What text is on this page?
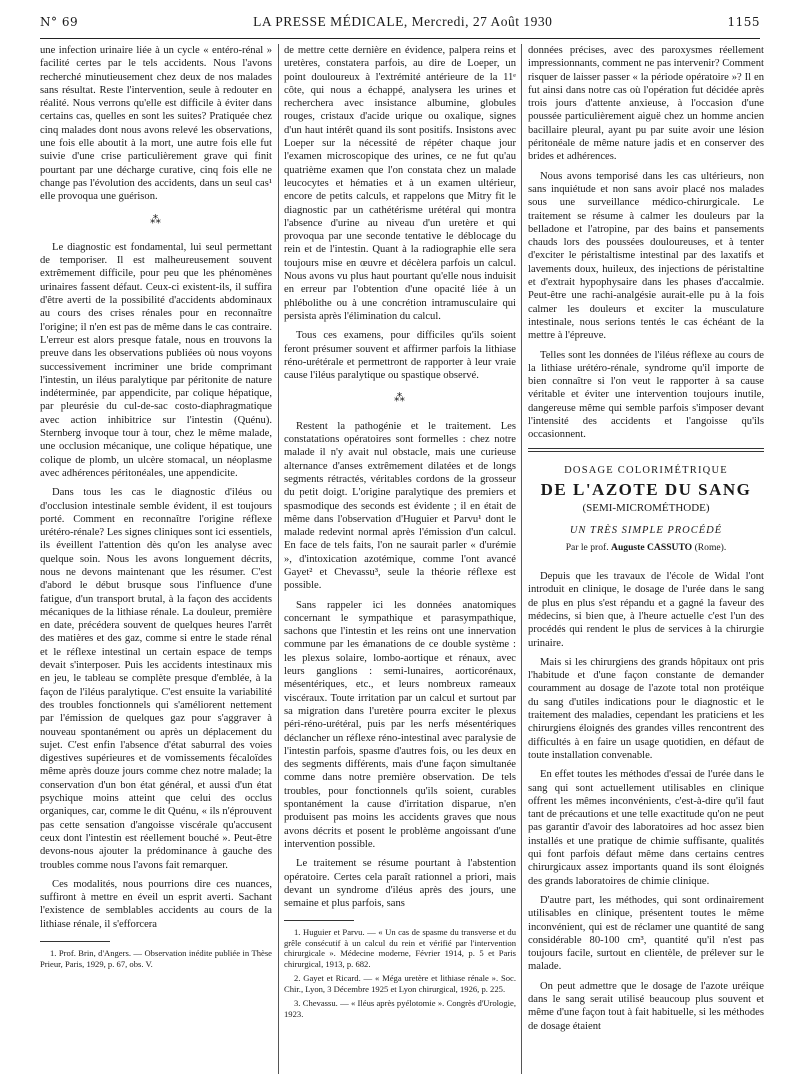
N° 69	LA PRESSE MÉDICALE, Mercredi, 27 Août 1930	1155

une infection urinaire liée à un cycle « entéro-rénal » facilité certes par le tels accidents. Nous l'avons recherché minutieusement chez deux de nos malades sans résultat. Reste l'intervention, seule à redouter en réalité. Nous verrons qu'elle est difficile à éviter dans certains cas, quelles en sont les suites? Pratiquée chez cinq malades dont nous avons relevé les observations, une fois elle aboutit à la mort, une autre fois elle fut suivie d'une crise particulièrement grave qui finit pourtant par une décharge curative, cinq fois elle ne change pas l'évolution des accidents, dans un seul cas¹ elle provoqua une guérison.

⁂

Le diagnostic est fondamental, lui seul permettant de temporiser. Il est malheureusement souvent extrêmement difficile, pour peu que les phénomènes urinaires fassent défaut. Ceux-ci existent-ils, il suffira d'être averti de la possibilité d'accidents abdominaux au cours des crises rénales pour en reconnaître l'origine; il n'en est pas de même dans le cas contraire. L'erreur est alors presque fatale, nous en trouvons la preuve dans les observations publiées où nous voyons successivement incriminer une bride comprimant l'intestin, un iléus paralytique par péritonite de nature indéterminée, par appendicite, par colique hépatique, par pleurésie du cul-de-sac costo-diaphragmatique avec action inhibitrice sur l'intestin (Quénu). Sternberg invoque tour à tour, chez le même malade, une occlusion mécanique, une colique hépatique, une colique de plomb, un ulcère stomacal, un néoplasme avec adhérences péritonéales, une appendicite.

Dans tous les cas le diagnostic d'iléus ou d'occlusion intestinale semble évident, il est toujours porté. Comment en reconnaître l'origine réflexe urétéro-rénale? Les signes cliniques sont ici essentiels, ils éveillent l'attention dès qu'on les analyse avec quelque soin. Nous les avons longuement décrits, nous ne devons maintenant que les résumer. C'est d'abord le début brusque sous l'influence d'une fatigue, d'un transport brutal, à la façon des accidents mécaniques de la lithiase rénale. La douleur, première en date, précédera souvent de quelques heures l'arrêt des matières et des gaz, comme si entre le stade rénal et le réflexe intestinal un certain espace de temps devait s'interposer. Puis les accidents intestinaux mis en jeu, le tableau se complète presque d'emblée, à la façon de l'iléus paralytique. C'est ensuite la variabilité des troubles fonctionnels qui s'améliorent nettement par l'émission de quelques gaz pour s'aggraver à nouveau spontanément ou après un déplacement du sujet. C'est enfin l'absence d'état saburral des voies digestives supérieures et de vomissements fécaloïdes même après douze jours comme chez notre malade; la conservation d'un bon état général, et aussi d'un état psychique moins atteint que celui des occlus organiques, car, comme le dit Quénu, « ils n'éprouvent pas cette sensation d'angoisse viscérale qu'accusent ceux dont l'intestin est réellement bouché ». Peut-être devons-nous ajouter la prédominance à gauche des troubles comme nous l'avons fait remarquer.

Ces modalités, nous pourrions dire ces nuances, suffiront à mettre en éveil un esprit averti. Sachant l'existence de semblables accidents au cours de la lithiase rénale, il s'efforcera

1. Prof. Brin, d'Angers. — Observation inédite publiée in Thèse Prieur, Paris, 1929, p. 67, obs. V.

de mettre cette dernière en évidence, palpera reins et uretères, constatera parfois, au dire de Loeper, un point douloureux à l'extrémité antérieure de la 11ᵉ côte, qui nous a échappé, analysera les urines et recherchera avec insistance albumine, globules rouges, cristaux d'acide urique ou oxalique, signes d'un haut intérêt quand ils sont positifs. Insistons avec Loeper sur la nécessité de répéter chaque jour l'examen microscopique des urines, ce ne fut qu'au quatrième examen que l'on constata chez un malade leucocytes et hématies et à un examen ultérieur, encore de petits calculs, et rappelons que Mitry fit le diagnostic par un cathétérisme urétéral qui montra l'absence d'urine au niveau d'un uretère et qui provoqua par une seconde tentative le déblocage du rein et de l'intestin. Quant à la radiographie elle sera toujours mise en œuvre et décèlera parfois un calcul. Nous avons vu plus haut pourtant qu'elle nous induisit en erreur par l'obtention d'une opacité liée à un phlébolithe ou à une concrétion intramusculaire qui persista après l'élimination du calcul.

Tous ces examens, pour difficiles qu'ils soient feront présumer souvent et affirmer parfois la lithiase réno-urétérale et permettront de rapporter à leur vraie cause l'iléus paralytique ou spastique observé.

⁂

Restent la pathogénie et le traitement. Les constatations opératoires sont formelles : chez notre malade il n'y avait nul obstacle, mais une curieuse alternance d'anses extrêmement dilatées et de longs segments rétractés, véritables cordons de la grosseur du petit doigt. L'origine paralytique des premiers et spasmodique des seconds est évidente ; il en était de même dans l'observation d'Huguier et Parvu¹ dont le malade redevint normal après l'émission d'un calcul. En face de tels faits, l'on ne saurait parler « d'urémie », d'intoxication azotémique, comme l'ont avancé Gayet² et Chevassu³, seule la théorie réflexe est possible.

Sans rappeler ici les données anatomiques concernant le sympathique et parasympathique, sachons que l'intestin et les reins ont une innervation commune par les émanations de ce double système : les plexus solaire, lombo-aortique et rénaux, avec leurs ganglions : semi-lunaires, aorticorénaux, mésentériques, etc., et leurs nombreux rameaux viscéraux. Toute irritation par un calcul et surtout par sa migration dans l'uretère pourra exciter le plexus péri-réno-urétéral, puis par les nerfs mésentériques déclancher un réflexe réno-intestinal avec paralysie de l'intestin parfois, spasme d'autres fois, ou les deux en des segments différents, mais d'une façon simultanée comme dans notre première observation. De tels troubles, pour fonctionnels qu'ils soient, curables spontanément la cause d'irritation disparue, n'en produisent pas moins les accidents graves que nous avons décrits et posent le problème angoissant d'une intervention possible.

Le traitement se résume pourtant à l'abstention opératoire. Certes cela paraît rationnel a priori, mais devant un syndrome d'iléus après des jours, une semaine et plus parfois, sans

1. Huguier et Parvu. — « Un cas de spasme du transverse et du grêle consécutif à un calcul du rein et vérifié par l'intervention chirurgicale ». Médecine moderne, Février 1914, p. 5 et Paris chirurgical, 1913, p. 682.

2. Gayet et Ricard. — « Méga uretère et lithiase rénale ». Soc. Chir., Lyon, 3 Décembre 1925 et Lyon chirurgical, 1926, p. 225.

3. Chevassu. — « Iléus après pyélotomie ». Congrès d'Urologie, 1923.

données précises, avec des paroxysmes réellement impressionnants, comment ne pas intervenir? Comment risquer de laisser passer « la période opératoire »? Il en fut ainsi dans notre cas où l'opération fut décidée après trois jours d'attente anxieuse, à l'occasion d'une poussée particulièrement aiguë chez un homme ancien bacillaire pleural, ayant pu par suite avoir une lésion péritonéale de même nature jadis et en conserver des brides et adhérences.

Nous avons temporisé dans les cas ultérieurs, non sans inquiétude et non sans avoir placé nos malades sous une surveillance médico-chirurgicale. Le traitement se résume à calmer les douleurs par la belladone et l'atropine, par des bains et pansements chauds lors des poussées douloureuses, et à tenter d'exciter le péristaltisme intestinal par des laxatifs et lavements doux, huileux, des injections de péristaltine et d'extrait hypophysaire dans les phases d'accalmie. Peut-être une rachi-analgésie aurait-elle pu à la fois calmer les douleurs et exciter la musculature intestinale, nous serions tentés le cas échéant de la mettre à l'épreuve.

Telles sont les données de l'iléus réflexe au cours de la lithiase urétéro-rénale, syndrome qu'il importe de bien connaître si l'on veut le rapporter à sa cause véritable et éviter une intervention toujours inutile, dangereuse même qui semble parfois s'imposer devant l'intensité des accidents et l'angoisse qu'ils occasionnent.

DOSAGE COLORIMÉTRIQUE
DE L'AZOTE DU SANG
(SEMI-MICROMÉTHODE)
UN TRÈS SIMPLE PROCÉDÉ
Par le prof. Auguste CASSUTO (Rome).

Depuis que les travaux de l'école de Widal l'ont introduit en clinique, le dosage de l'urée dans le sang de plus en plus s'est répandu et a gagné la faveur des médecins, si bien que, à l'heure actuelle c'est l'un des procédés qui rendent le plus de services à la chirurgie urinaire.

Mais si les chirurgiens des grands hôpitaux ont pris l'habitude et d'une façon constante de demander couramment au dosage de l'azote total non protéique du sang d'utiles indications pour le diagnostic et le traitement des maladies, cependant les praticiens et les chirurgiens éloignés des grandes villes rencontrent des difficultés à en faire un usage quotidien, en défaut de toute installation convenable.

En effet toutes les méthodes d'essai de l'urée dans le sang qui sont actuellement utilisables en clinique offrent les mêmes inconvénients, c'est-à-dire qu'il faut tant de précautions et une telle exactitude qu'on ne peut pas garantir d'avoir des laboratoires ad hoc assez bien installés et une pratique de chimie suffisante, qualités qui font parfois défaut même dans certains centres chirurgicaux assez importants quand ils sont éloignés des grands laboratoires de chimie clinique.

D'autre part, les méthodes, qui sont ordinairement utilisables en clinique, présentent toutes le même inconvénient, qui est de réclamer une quantité de sang considérable 80-100 cm³, quantité qu'il n'est pas toujours facile, surtout en clientèle, de prélever sur le malade.

On peut admettre que le dosage de l'azote uréique dans le sang serait utilisé beaucoup plus souvent et même d'une façon tout à fait habituelle, si les méthodes de dosage étaient
